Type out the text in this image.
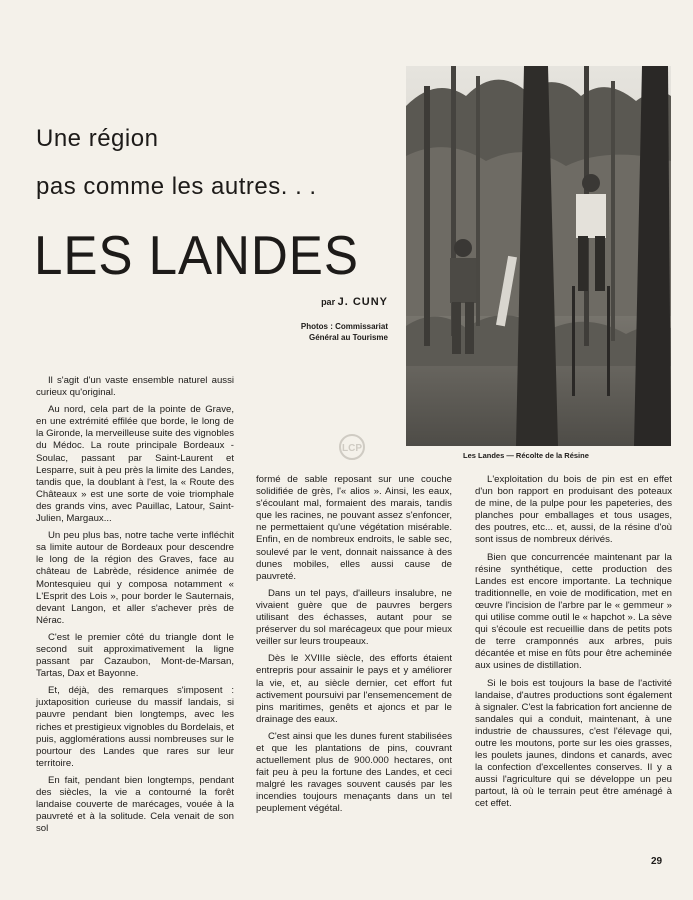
Une région
pas comme les autres. . .
LES LANDES
par J. CUNY
Photos : Commissariat
Général au Tourisme
Les Landes — Récolte de la Résine
LCP

Il s'agit d'un vaste ensemble naturel aussi curieux qu'original.

Au nord, cela part de la pointe de Grave, en une extrémité effilée que borde, le long de la Gironde, la merveilleuse suite des vignobles du Médoc. La route principale Bordeaux - Soulac, passant par Saint-Laurent et Lesparre, suit à peu près la limite des Landes, tandis que, la doublant à l'est, la « Route des Châteaux » est une sorte de voie triomphale des grands vins, avec Pauillac, Latour, Saint-Julien, Margaux...

Un peu plus bas, notre tache verte infléchit sa limite autour de Bordeaux pour descendre le long de la région des Graves, face au château de Labrède, résidence animée de Montesquieu qui y composa notamment « L'Esprit des Lois », pour border le Sauternais, devant Langon, et aller s'achever près de Nérac.

C'est le premier côté du triangle dont le second suit approximativement la ligne passant par Cazaubon, Mont-de-Marsan, Tartas, Dax et Bayonne.

Et, déjà, des remarques s'imposent : juxtaposition curieuse du massif landais, si pauvre pendant bien longtemps, avec les riches et prestigieux vignobles du Bordelais, et puis, agglomérations aussi nombreuses sur le pourtour des Landes que rares sur leur territoire.

En fait, pendant bien longtemps, pendant des siècles, la vie a contourné la forêt landaise couverte de marécages, vouée à la pauvreté et à la solitude. Cela venait de son sol

formé de sable reposant sur une couche solidifiée de grès, l'« alios ». Ainsi, les eaux, s'écoulant mal, formaient des marais, tandis que les racines, ne pouvant assez s'enfoncer, ne permettaient qu'une végétation misérable. Enfin, en de nombreux endroits, le sable sec, soulevé par le vent, donnait naissance à des dunes mobiles, elles aussi cause de pauvreté.

Dans un tel pays, d'ailleurs insalubre, ne vivaient guère que de pauvres bergers utilisant des échasses, autant pour se préserver du sol marécageux que pour mieux veiller sur leurs troupeaux.

Dès le XVIIIe siècle, des efforts étaient entrepris pour assainir le pays et y améliorer la vie, et, au siècle dernier, cet effort fut activement poursuivi par l'ensemencement de pins maritimes, genêts et ajoncs et par le drainage des eaux.

C'est ainsi que les dunes furent stabilisées et que les plantations de pins, couvrant actuellement plus de 900.000 hectares, ont fait peu à peu la fortune des Landes, et ceci malgré les ravages souvent causés par les incendies toujours menaçants dans un tel peuplement végétal.

L'exploitation du bois de pin est en effet d'un bon rapport en produisant des poteaux de mine, de la pulpe pour les papeteries, des planches pour emballages et tous usages, des poutres, etc... et, aussi, de la résine d'où sont issus de nombreux dérivés.

Bien que concurrencée maintenant par la résine synthétique, cette production des Landes est encore importante. La technique traditionnelle, en voie de modification, met en œuvre l'incision de l'arbre par le « gemmeur » qui utilise comme outil le « hapchot ». La sève qui s'écoule est recueillie dans de petits pots de terre cramponnés aux arbres, puis décantée et mise en fûts pour être acheminée aux usines de distillation.

Si le bois est toujours la base de l'activité landaise, d'autres productions sont également à signaler. C'est la fabrication fort ancienne de sandales qui a conduit, maintenant, à une industrie de chaussures, c'est l'élevage qui, outre les moutons, porte sur les oies grasses, les poulets jaunes, dindons et canards, avec la confection d'excellentes conserves. Il y a aussi l'agriculture qui se développe un peu partout, là où le terrain peut être aménagé à cet effet.

29
